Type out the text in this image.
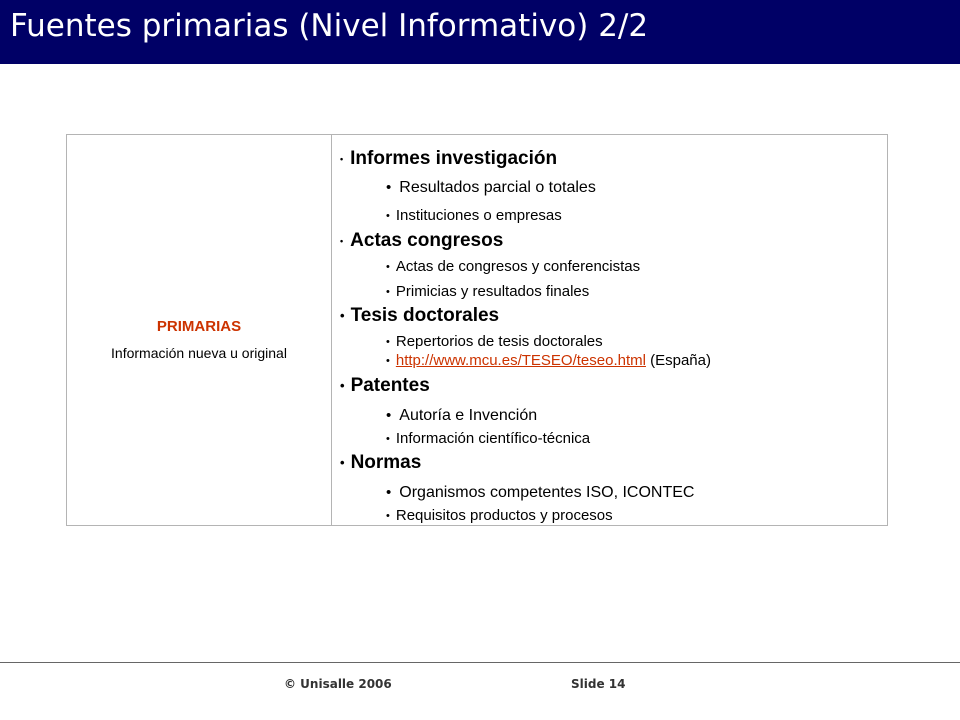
Fuentes primarias (Nivel Informativo) 2/2
PRIMARIAS
Información nueva u original
• Informes investigación
• Resultados parcial o totales
• Instituciones o empresas
• Actas congresos
• Actas de congresos y conferencistas
• Primicias y resultados finales
• Tesis doctorales
• Repertorios de tesis doctorales
• http://www.mcu.es/TESEO/teseo.html (España)
• Patentes
• Autoría e Invención
• Información científico-técnica
• Normas
• Organismos competentes ISO, ICONTEC
• Requisitos productos y procesos
© Unisalle 2006	Slide 14
